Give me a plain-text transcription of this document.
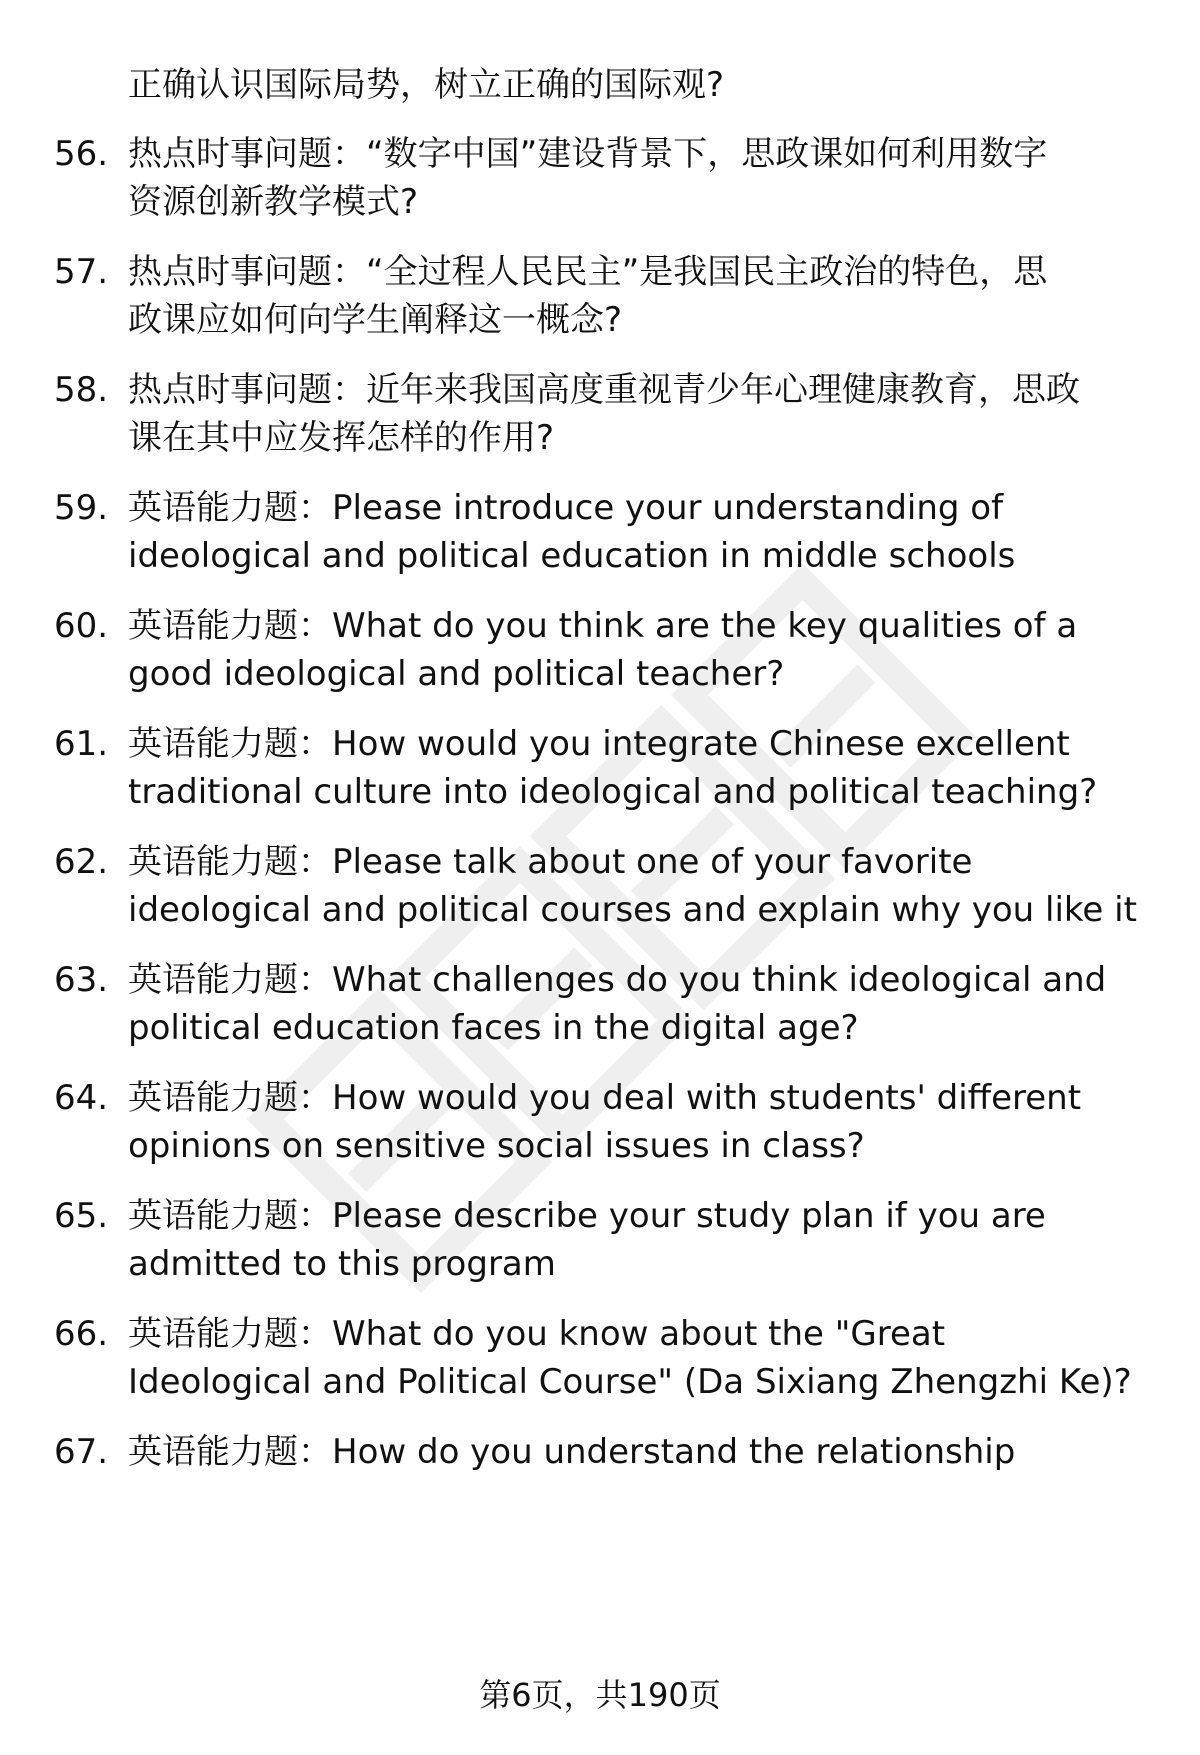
正确认识国际局势，树立正确的国际观?
56. 热点时事问题：“数字中国”建设背景下，思政课如何利用数字
资源创新教学模式?
57. 热点时事问题：“全过程人民民主”是我国民主政治的特色，思
政课应如何向学生阐释这一概念?
58. 热点时事问题：近年来我国高度重视青少年心理健康教育，思政
课在其中应发挥怎样的作用?
59. 英语能力题：Please introduce your understanding of
ideological and political education in middle schools
60. 英语能力题：What do you think are the key qualities of a
good ideological and political teacher?
61. 英语能力题：How would you integrate Chinese excellent
traditional culture into ideological and political teaching?
62. 英语能力题：Please talk about one of your favorite
ideological and political courses and explain why you like it
63. 英语能力题：What challenges do you think ideological and
political education faces in the digital age?
64. 英语能力题：How would you deal with students' different
opinions on sensitive social issues in class?
65. 英语能力题：Please describe your study plan if you are
admitted to this program
66. 英语能力题：What do you know about the "Great
Ideological and Political Course" (Da Sixiang Zhengzhi Ke)?
67. 英语能力题：How do you understand the relationship
第6页，共190页
